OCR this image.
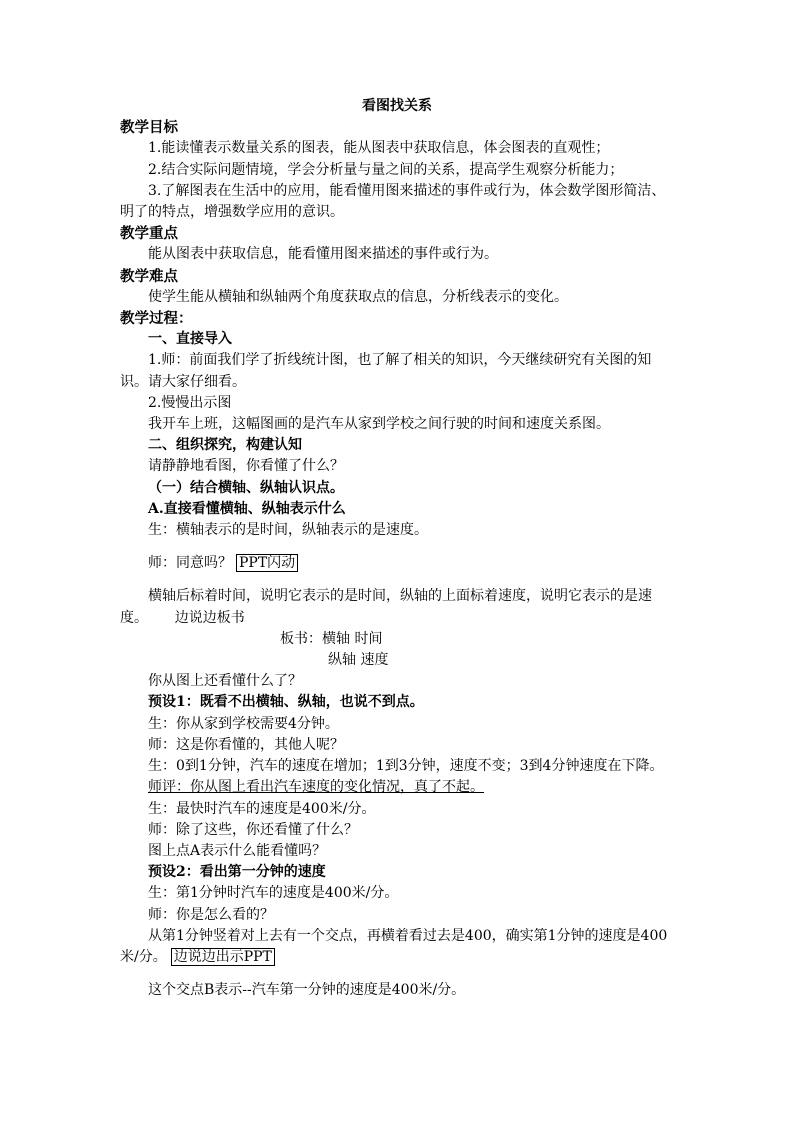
看图找关系
教学目标
1.能读懂表示数量关系的图表，能从图表中获取信息，体会图表的直观性；
2.结合实际问题情境，学会分析量与量之间的关系，提高学生观察分析能力；
3.了解图表在生活中的应用，能看懂用图来描述的事件或行为，体会数学图形简洁、明了的特点，增强数学应用的意识。
教学重点
能从图表中获取信息，能看懂用图来描述的事件或行为。
教学难点
使学生能从横轴和纵轴两个角度获取点的信息，分析线表示的变化。
教学过程：
一、直接导入
1.师：前面我们学了折线统计图，也了解了相关的知识，今天继续研究有关图的知识。请大家仔细看。
2.慢慢出示图
我开车上班，这幅图画的是汽车从家到学校之间行驶的时间和速度关系图。
二、组织探究，构建认知
请静静地看图，你看懂了什么？
（一）结合横轴、纵轴认识点。
A.直接看懂横轴、纵轴表示什么
生：横轴表示的是时间，纵轴表示的是速度。
师：同意吗？ PPT闪动
横轴后标着时间，说明它表示的是时间，纵轴的上面标着速度，说明它表示的是速度。 边说边板书
板书：横轴 时间
纵轴 速度
你从图上还看懂什么了？
预设1：既看不出横轴、纵轴，也说不到点。
生：你从家到学校需要4分钟。
师：这是你看懂的，其他人呢？
生：0到1分钟，汽车的速度在增加；1到3分钟，速度不变；3到4分钟速度在下降。
师评：你从图上看出汽车速度的变化情况，真了不起。
生：最快时汽车的速度是400米/分。
师：除了这些，你还看懂了什么？
图上点A表示什么能看懂吗？
预设2：看出第一分钟的速度
生：第1分钟时汽车的速度是400米/分。
师：你是怎么看的？
从第1分钟竖着对上去有一个交点，再横着看过去是400，确实第1分钟的速度是400米/分。 边说边出示PPT
这个交点B表示--汽车第一分钟的速度是400米/分。
